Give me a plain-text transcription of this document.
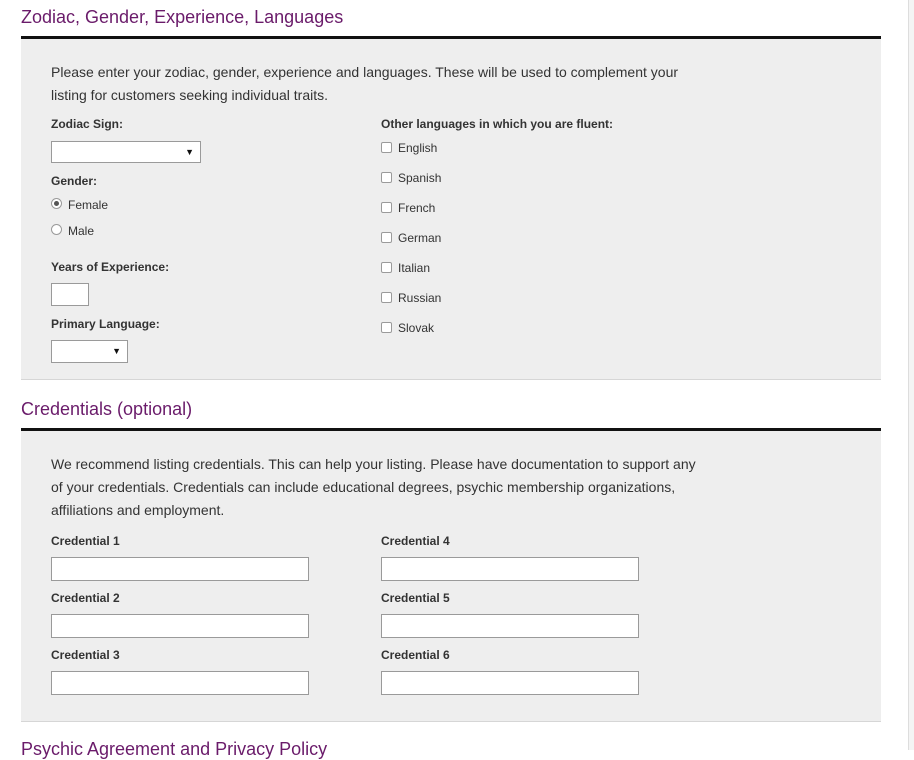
Zodiac, Gender, Experience, Languages

Please enter your zodiac, gender, experience and languages. These will be used to complement your
listing for customers seeking individual traits.

Zodiac Sign:
▼
Gender:
Female
Male
Years of Experience:
Primary Language:
▼
Other languages in which you are fluent:
English
Spanish
French
German
Italian
Russian
Slovak
Credentials (optional)

We recommend listing credentials. This can help your listing. Please have documentation to support any
of your credentials. Credentials can include educational degrees, psychic membership organizations,
affiliations and employment.

Credential 1
Credential 2
Credential 3
Credential 4
Credential 5
Credential 6
Psychic Agreement and Privacy Policy
